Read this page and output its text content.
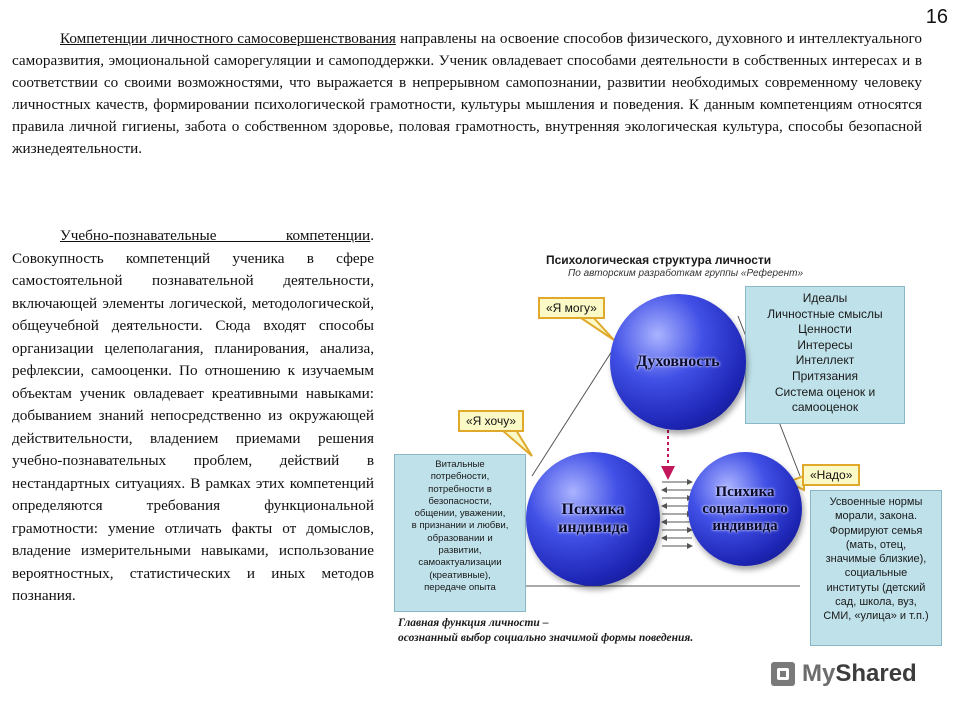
16

Компетенции личностного самосовершенствования направлены на освоение способов физического, духовного и интеллектуального саморазвития, эмоциональной саморегуляции и самоподдержки. Ученик овладевает способами деятельности в собственных интересах и в соответствии со своими возможностями, что выражается в непрерывном самопознании, развитии необходимых современному человеку личностных качеств, формировании психологической грамотности, культуры мышления и поведения. К данным компетенциям относятся правила личной гигиены, забота о собственном здоровье, половая грамотность, внутренняя экологическая культура, способы безопасной жизнедеятельности.

Учебно-познавательные компетенции. Совокупность компетенций ученика в сфере самостоятельной познавательной деятельности, включающей элементы логической, методологической, общеучебной деятельности. Сюда входят способы организации целеполагания, планирования, анализа, рефлексии, самооценки. По отношению к изучаемым объектам ученик овладевает креативными навыками: добыванием знаний непосредственно из окружающей действительности, владением приемами решения учебно-познавательных проблем, действий в нестандартных ситуациях. В рамках этих компетенций определяются требования функциональной грамотности: умение отличать факты от домыслов, владение измерительными навыками, использование вероятностных, статистических и иных методов познания.

Психологическая структура личности
По авторским разработкам группы «Референт»
Идеалы
Личностные смыслы
Ценности
Интересы
Интеллект
Притязания
Система оценок и
самооценок
Витальные
потребности,
потребности в
безопасности,
общении, уважении,
в признании и любви,
образовании и
развитии,
самоактуализации
(креативные),
передаче опыта
Усвоенные нормы
морали, закона.
Формируют семья
(мать, отец,
значимые близкие),
социальные
институты (детский
сад, школа, вуз,
СМИ, «улица» и т.п.)
Духовность
Психика
индивида
Психика
социального
индивида
«Я могу»
«Я хочу»
«Надо»
Главная функция личности –
осознанный выбор социально значимой формы поведения.
MyShared
